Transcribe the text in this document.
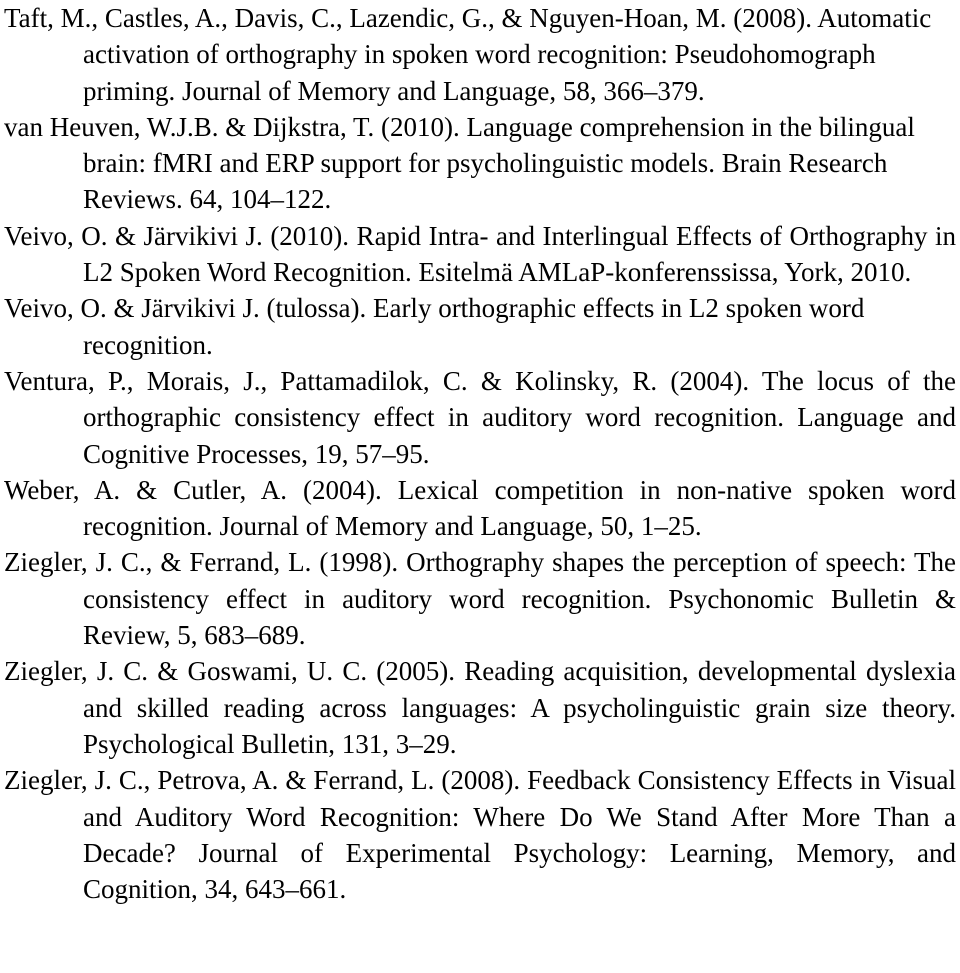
Taft, M., Castles, A., Davis, C., Lazendic, G., & Nguyen-Hoan, M. (2008). Automatic activation of orthography in spoken word recognition: Pseudohomograph priming. Journal of Memory and Language, 58, 366–379.

van Heuven, W.J.B. & Dijkstra, T. (2010). Language comprehension in the bilingual brain: fMRI and ERP support for psycholinguistic models. Brain Research Reviews. 64, 104–122.

Veivo, O. & Järvikivi J. (2010). Rapid Intra- and Interlingual Effects of Orthography in L2 Spoken Word Recognition. Esitelmä AMLaP-konferenssissa, York, 2010.

Veivo, O. & Järvikivi J. (tulossa). Early orthographic effects in L2 spoken word recognition.

Ventura, P., Morais, J., Pattamadilok, C. & Kolinsky, R. (2004). The locus of the orthographic consistency effect in auditory word recognition. Language and Cognitive Processes, 19, 57–95.

Weber, A. & Cutler, A. (2004). Lexical competition in non-native spoken word recognition. Journal of Memory and Language, 50, 1–25.

Ziegler, J. C., & Ferrand, L. (1998). Orthography shapes the perception of speech: The consistency effect in auditory word recognition. Psychonomic Bulletin & Review, 5, 683–689.

Ziegler, J. C. & Goswami, U. C. (2005). Reading acquisition, developmental dyslexia and skilled reading across languages: A psycholinguistic grain size theory. Psychological Bulletin, 131, 3–29.

Ziegler, J. C., Petrova, A. & Ferrand, L. (2008). Feedback Consistency Effects in Visual and Auditory Word Recognition: Where Do We Stand After More Than a Decade? Journal of Experimental Psychology: Learning, Memory, and Cognition, 34, 643–661.
